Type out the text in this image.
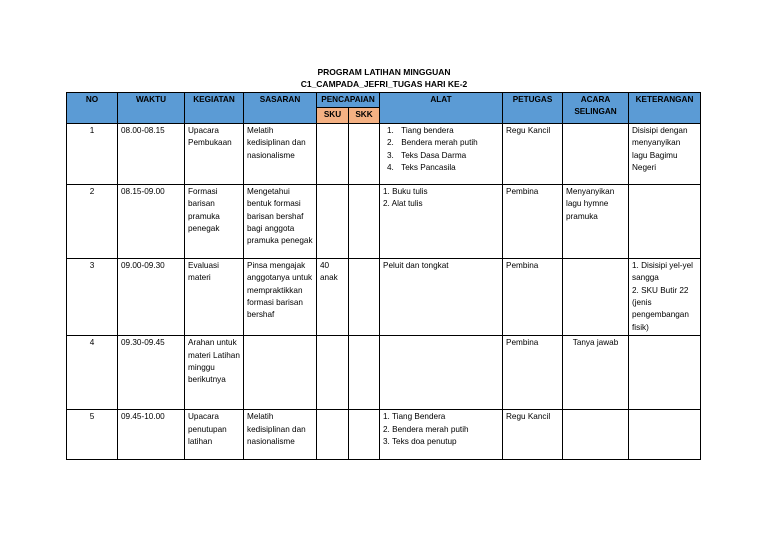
PROGRAM LATIHAN MINGGUAN
C1_CAMPADA_JEFRI_TUGAS HARI KE-2
NO	WAKTU	KEGIATAN	SASARAN	PENCAPAIAN		ALAT	PETUGAS	ACARA SELINGAN	KETERANGAN
				SKU	SKK				
1	08.00-08.15	Upacara Pembukaan	Melatih kedisiplinan dan nasionalisme			1. Tiang bendera
2. Bendera merah putih
3. Teks Dasa Darma
4. Teks Pancasila	Regu Kancil		Disisipi dengan menyanyikan lagu Bagimu Negeri
2	08.15-09.00	Formasi barisan pramuka penegak	Mengetahui bentuk formasi barisan bershaf bagi anggota pramuka penegak			1. Buku tulis
2. Alat tulis	Pembina	Menyanyikan lagu hymne pramuka	
3	09.00-09.30	Evaluasi materi	Pinsa mengajak anggotanya untuk mempraktikkan formasi barisan bershaf	40 anak		Peluit dan tongkat	Pembina		1. Disisipi yel-yel sangga
2. SKU Butir 22 (jenis pengembangan fisik)

4	09.30-09.45	Arahan untuk materi Latihan minggu berikutnya					Pembina	Tanya jawab	
5	09.45-10.00	Upacara penutupan latihan	Melatih kedisiplinan dan nasionalisme			1. Tiang Bendera
2. Bendera merah putih
3. Teks doa penutup	Regu Kancil		
